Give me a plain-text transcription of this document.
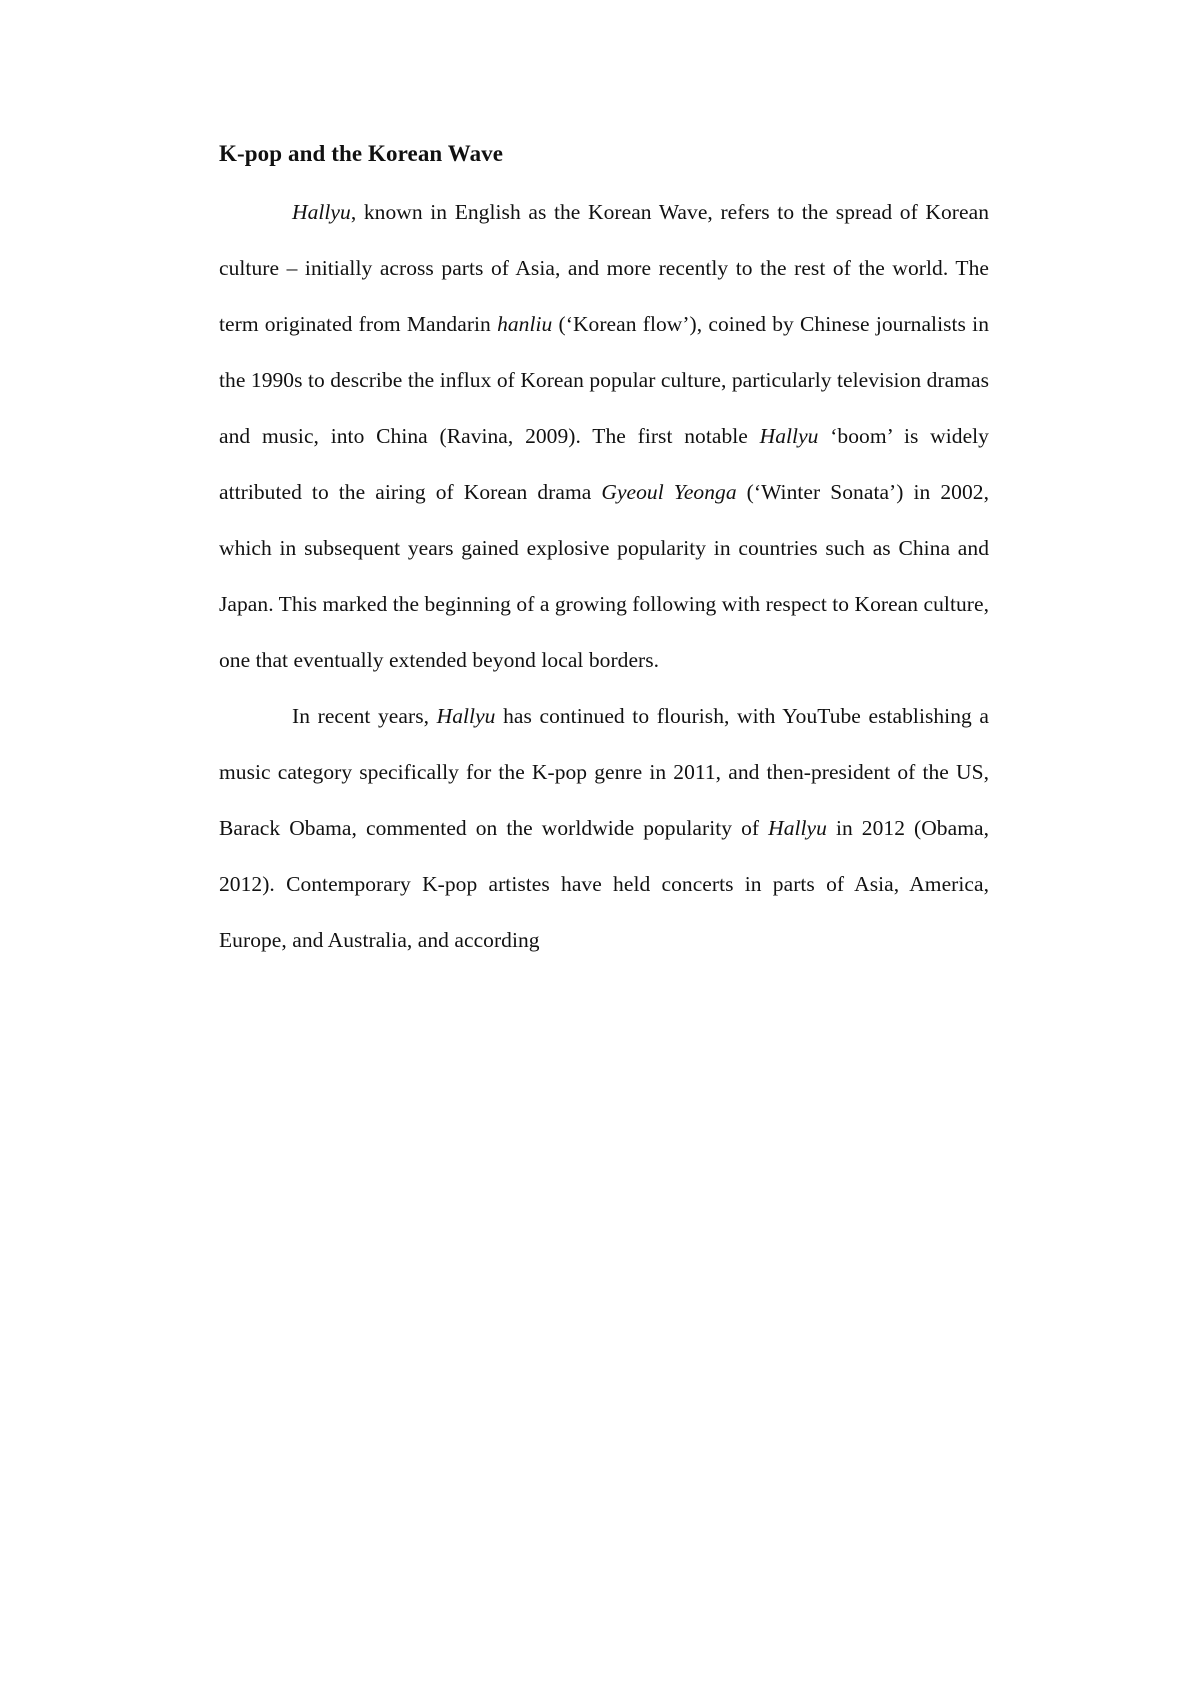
K-pop and the Korean Wave

Hallyu, known in English as the Korean Wave, refers to the spread of Korean culture – initially across parts of Asia, and more recently to the rest of the world. The term originated from Mandarin hanliu (‘Korean flow’), coined by Chinese journalists in the 1990s to describe the influx of Korean popular culture, particularly television dramas and music, into China (Ravina, 2009). The first notable Hallyu ‘boom’ is widely attributed to the airing of Korean drama Gyeoul Yeonga (‘Winter Sonata’) in 2002, which in subsequent years gained explosive popularity in countries such as China and Japan. This marked the beginning of a growing following with respect to Korean culture, one that eventually extended beyond local borders.

In recent years, Hallyu has continued to flourish, with YouTube establishing a music category specifically for the K-pop genre in 2011, and then-president of the US, Barack Obama, commented on the worldwide popularity of Hallyu in 2012 (Obama, 2012). Contemporary K-pop artistes have held concerts in parts of Asia, America, Europe, and Australia, and according
